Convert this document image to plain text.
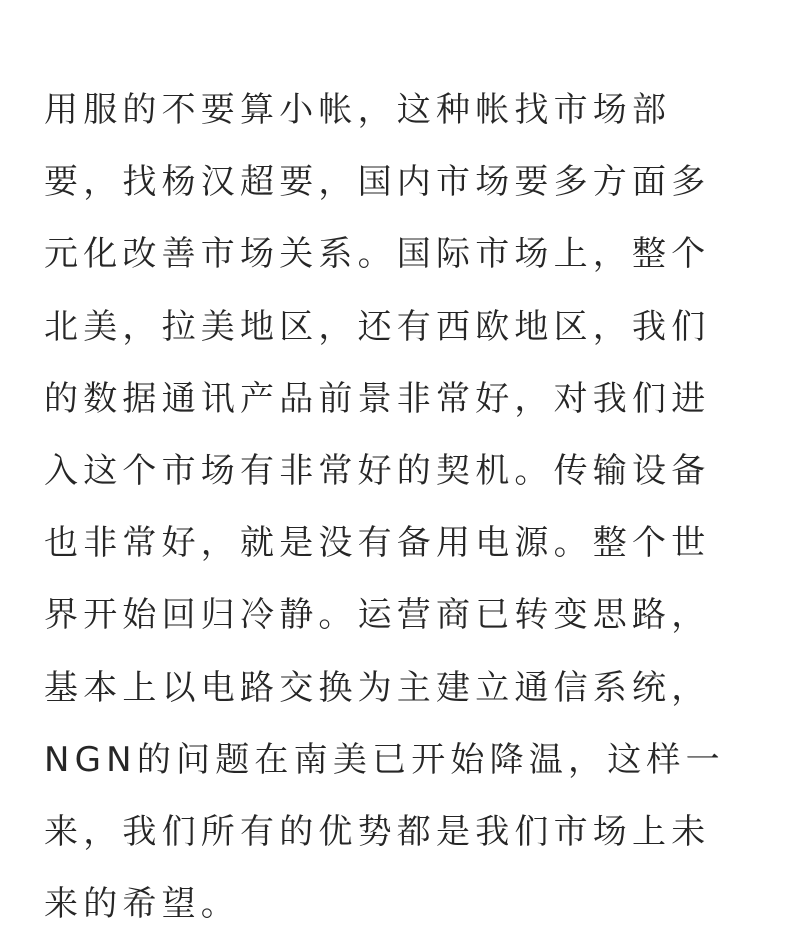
用服的不要算小帐，这种帐找市场部
要，找杨汉超要，国内市场要多方面多
元化改善市场关系。国际市场上，整个
北美，拉美地区，还有西欧地区，我们
的数据通讯产品前景非常好，对我们进
入这个市场有非常好的契机。传输设备
也非常好，就是没有备用电源。整个世
界开始回归冷静。运营商已转变思路，
基本上以电路交换为主建立通信系统，
NGN的问题在南美已开始降温，这样一
来，我们所有的优势都是我们市场上未
来的希望。
